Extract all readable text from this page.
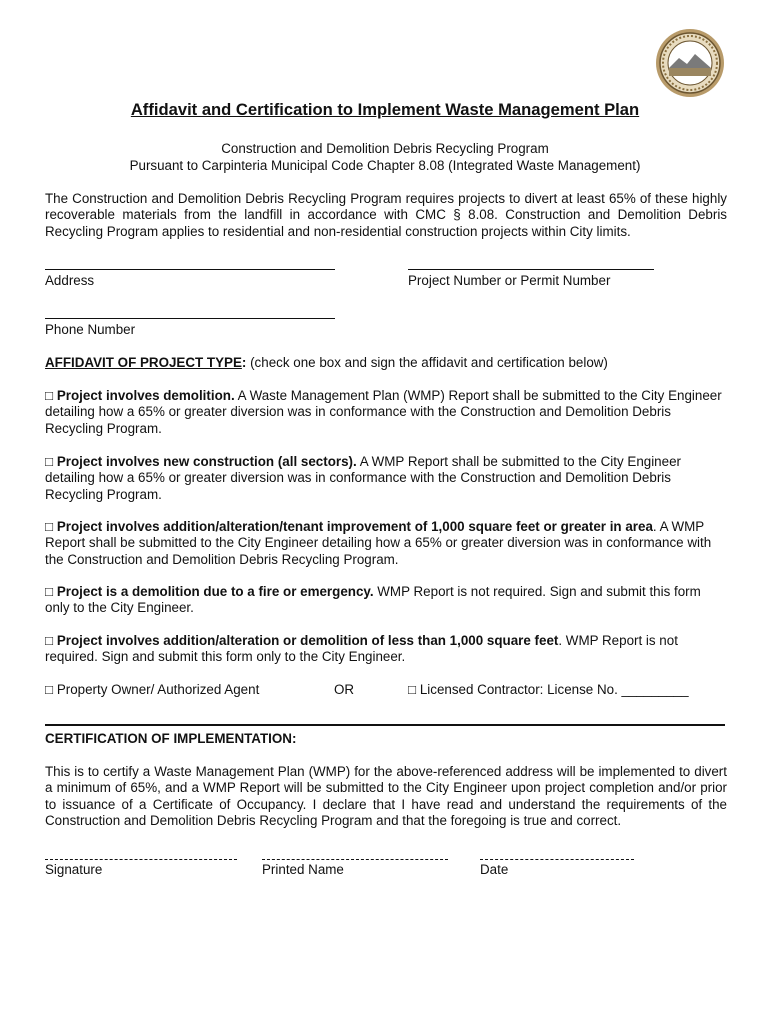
Affidavit and Certification to Implement Waste Management Plan
Construction and Demolition Debris Recycling Program
Pursuant to Carpinteria Municipal Code Chapter 8.08 (Integrated Waste Management)
The Construction and Demolition Debris Recycling Program requires projects to divert at least 65% of these highly recoverable materials from the landfill in accordance with CMC § 8.08. Construction and Demolition Debris Recycling Program applies to residential and non-residential construction projects within City limits.
Address	Project Number or Permit Number
Phone Number
AFFIDAVIT OF PROJECT TYPE: (check one box and sign the affidavit and certification below)
□ Project involves demolition. A Waste Management Plan (WMP) Report shall be submitted to the City Engineer detailing how a 65% or greater diversion was in conformance with the Construction and Demolition Debris Recycling Program.
□ Project involves new construction (all sectors). A WMP Report shall be submitted to the City Engineer detailing how a 65% or greater diversion was in conformance with the Construction and Demolition Debris Recycling Program.
□ Project involves addition/alteration/tenant improvement of 1,000 square feet or greater in area. A WMP Report shall be submitted to the City Engineer detailing how a 65% or greater diversion was in conformance with the Construction and Demolition Debris Recycling Program.
□ Project is a demolition due to a fire or emergency. WMP Report is not required. Sign and submit this form only to the City Engineer.
□ Project involves addition/alteration or demolition of less than 1,000 square feet. WMP Report is not required. Sign and submit this form only to the City Engineer.
□ Property Owner/ Authorized Agent	OR	□ Licensed Contractor: License No. _________
CERTIFICATION OF IMPLEMENTATION:
This is to certify a Waste Management Plan (WMP) for the above-referenced address will be implemented to divert a minimum of 65%, and a WMP Report will be submitted to the City Engineer upon project completion and/or prior to issuance of a Certificate of Occupancy. I declare that I have read and understand the requirements of the Construction and Demolition Debris Recycling Program and that the foregoing is true and correct.
Signature	Printed Name	Date
